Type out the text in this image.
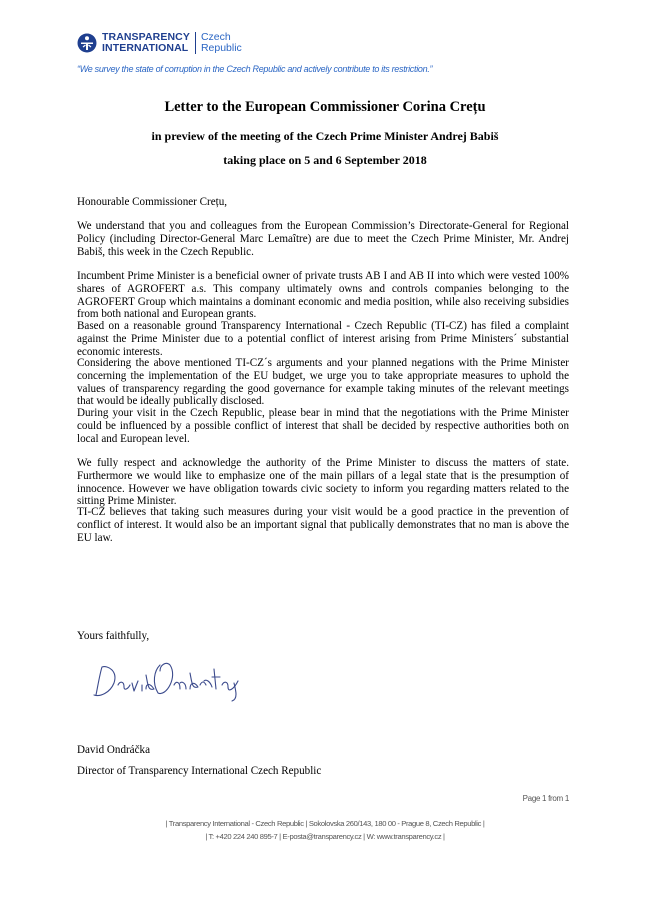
TRANSPARENCY
INTERNATIONAL
Czech
Republic
“We survey the state of corruption in the Czech Republic and actively contribute to its restriction.”
Letter to the European Commissioner Corina Crețu
in preview of the meeting of the Czech Prime Minister Andrej Babiš
taking place on 5 and 6 September 2018

Honourable Commissioner Crețu,

We understand that you and colleagues from the European Commission’s Directorate-General for Regional Policy (including Director-General Marc Lemaître) are due to meet the Czech Prime Minister, Mr. Andrej Babiš, this week in the Czech Republic.

Incumbent Prime Minister is a beneficial owner of private trusts AB I and AB II into which were vested 100% shares of AGROFERT a.s. This company ultimately owns and controls companies belonging to the AGROFERT Group which maintains a dominant economic and media position, while also receiving subsidies from both national and European grants.

Based on a reasonable ground Transparency International - Czech Republic (TI-CZ) has filed a complaint against the Prime Minister due to a potential conflict of interest arising from Prime Ministers´ substantial economic interests.

Considering the above mentioned TI-CZ´s arguments and your planned negations with the Prime Minister concerning the implementation of the EU budget, we urge you to take appropriate measures to uphold the values of transparency regarding the good governance for example taking minutes of the relevant meetings that would be ideally publically disclosed.

During your visit in the Czech Republic, please bear in mind that the negotiations with the Prime Minister could be influenced by a possible conflict of interest that shall be decided by respective authorities both on local and European level.

We fully respect and acknowledge the authority of the Prime Minister to discuss the matters of state. Furthermore we would like to emphasize one of the main pillars of a legal state that is the presumption of innocence. However we have obligation towards civic society to inform you regarding matters related to the sitting Prime Minister.

TI-CZ believes that taking such measures during your visit would be a good practice in the prevention of conflict of interest. It would also be an important signal that publically demonstrates that no man is above the EU law.

Yours faithfully,

David Ondráčka

Director of Transparency International Czech Republic

Page 1 from 1
| Transparency International - Czech Republic | Sokolovska 260/143, 180 00 - Prague 8, Czech Republic |
| T: +420 224 240 895-7 | E-posta@transparency.cz | W: www.transparency.cz |
